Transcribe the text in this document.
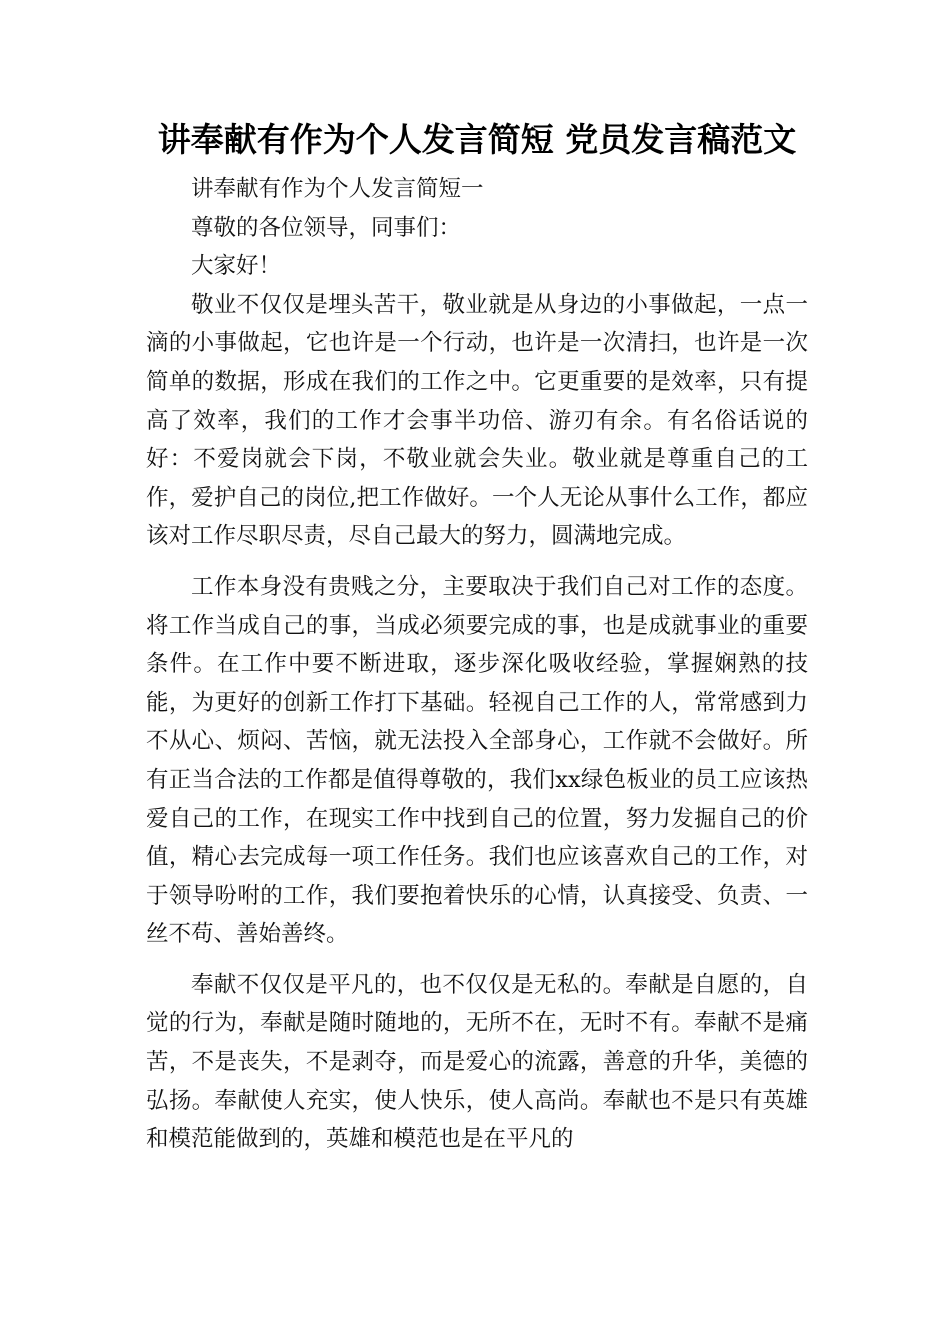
讲奉献有作为个人发言简短 党员发言稿范文

讲奉献有作为个人发言简短一

尊敬的各位领导，同事们：

大家好！

敬业不仅仅是埋头苦干，敬业就是从身边的小事做起，一点一滴的小事做起，它也许是一个行动，也许是一次清扫，也许是一次简单的数据，形成在我们的工作之中。它更重要的是效率，只有提高了效率，我们的工作才会事半功倍、游刃有余。有名俗话说的好：不爱岗就会下岗，不敬业就会失业。敬业就是尊重自己的工作，爱护自己的岗位,把工作做好。一个人无论从事什么工作，都应该对工作尽职尽责，尽自己最大的努力，圆满地完成。

工作本身没有贵贱之分，主要取决于我们自己对工作的态度。将工作当成自己的事，当成必须要完成的事，也是成就事业的重要条件。在工作中要不断进取，逐步深化吸收经验，掌握娴熟的技能，为更好的创新工作打下基础。轻视自己工作的人，常常感到力不从心、烦闷、苦恼，就无法投入全部身心，工作就不会做好。所有正当合法的工作都是值得尊敬的，我们xx绿色板业的员工应该热爱自己的工作，在现实工作中找到自己的位置，努力发掘自己的价值，精心去完成每一项工作任务。我们也应该喜欢自己的工作，对于领导吩咐的工作，我们要抱着快乐的心情，认真接受、负责、一丝不苟、善始善终。

奉献不仅仅是平凡的，也不仅仅是无私的。奉献是自愿的，自觉的行为，奉献是随时随地的，无所不在，无时不有。奉献不是痛苦，不是丧失，不是剥夺，而是爱心的流露，善意的升华，美德的弘扬。奉献使人充实，使人快乐，使人高尚。奉献也不是只有英雄和模范能做到的，英雄和模范也是在平凡的
